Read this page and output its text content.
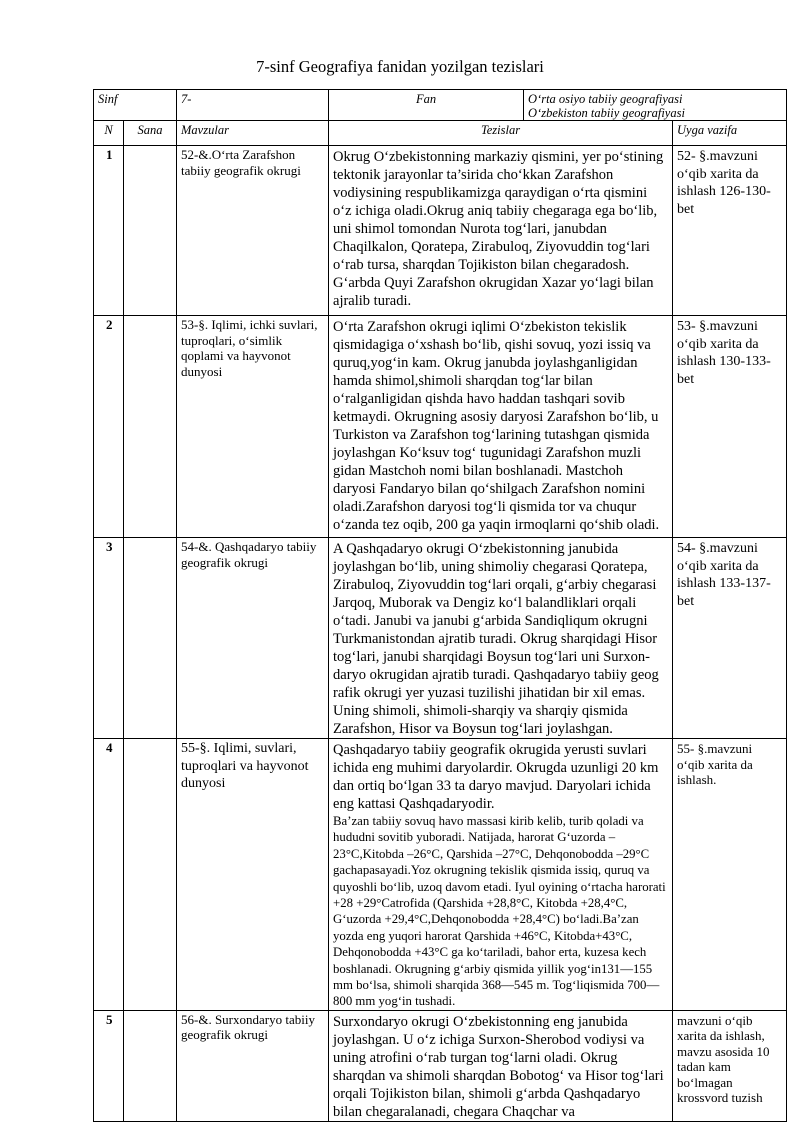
7-sinf Geografiya fanidan yozilgan tezislari
Sinf		7-	Fan	O‘rta osiyo tabiiy geografiyasi
O‘zbekiston tabiiy geografiyasi	
N	Sana	Mavzular	Tezislar		Uyga vazifa
1		52-&.O‘rta Zarafshon tabiiy geografik okrugi	Okrug O‘zbekistonning markaziy qismini, yer po‘stining tektonik jarayonlar ta’sirida cho‘kkan Zarafshon vodiysining respublikamizga qaraydigan o‘rta qismini o‘z ichiga oladi.Okrug aniq tabiiy chegaraga ega bo‘lib, uni shimol tomondan Nurota tog‘lari, janubdan Chaqilkalon, Qoratepa, Zirabuloq, Ziyovuddin tog‘lari o‘rab tursa, sharqdan Tojikiston bilan chegaradosh. G‘arbda Quyi Zarafshon okrugidan Xazar yo‘lagi bilan ajralib turadi.		52- §.mavzuni o‘qib xarita da ishlash 126-130-bet
2		53-§. Iqlimi, ichki suvlari, tuproqlari, o‘simlik qoplami va hayvonot dunyosi	O‘rta Zarafshon okrugi iqlimi O‘zbekiston tekislik qismidagiga o‘xshash bo‘lib, qishi sovuq, yozi issiq va quruq,yog‘in kam. Okrug janubda joylashganligidan hamda shimol,shimoli sharqdan tog‘lar bilan o‘ralganligidan qishda havo haddan tashqari sovib ketmaydi. Okrugning asosiy daryosi Zarafshon bo‘lib, u Turkiston va Zarafshon tog‘larining tutashgan qismida joylashgan Ko‘ksuv tog‘ tugunidagi Zarafshon muzli gidan Mastchoh nomi bilan boshlanadi. Mastchoh daryosi Fandaryo bilan qo‘shilgach Zarafshon nomini oladi.Zarafshon daryosi tog‘li qismida tor va chuqur o‘zanda tez oqib, 200 ga yaqin irmoqlarni qo‘shib oladi.		53- §.mavzuni o‘qib xarita da ishlash 130-133-bet
3		54-&. Qashqadaryo tabiiy geografik okrugi	A Qashqadaryo okrugi O‘zbekistonning janubida joylashgan bo‘lib, uning shimoliy chegarasi Qoratepa, Zirabuloq, Ziyovuddin tog‘lari orqali, g‘arbiy chegarasi Jarqoq, Muborak va Dengiz ko‘l balandliklari orqali o‘tadi. Janubi va janubi g‘arbida Sandiqliqum okrugni Turkmanistondan ajratib turadi. Okrug sharqidagi Hisor tog‘lari, janubi sharqidagi Boysun tog‘lari uni Surxon-daryo okrugidan ajratib turadi. Qashqadaryo tabiiy geog rafik okrugi yer yuzasi tuzilishi jihatidan bir xil emas. Uning shimoli, shimoli-sharqiy va sharqiy qismida Zarafshon, Hisor va Boysun tog‘lari joylashgan.		54- §.mavzuni o‘qib xarita da ishlash 133-137-bet
4		55-§. Iqlimi, suvlari, tuproqlari va hayvonot dunyosi	Qashqadaryo tabiiy geografik okrugida yerusti suvlari ichida eng muhimi daryolardir. Okrugda uzunligi 20 km dan ortiq bo‘lgan 33 ta daryo mavjud. Daryolari ichida eng kattasi Qashqadaryodir.
Ba’zan tabiiy sovuq havo massasi kirib kelib, turib qoladi va hududni sovitib yuboradi. Natijada, harorat G‘uzorda –23°C,Kitobda –26°C, Qarshida –27°C, Dehqonobodda –29°C gachapasayadi.Yoz okrugning tekislik qismida issiq, quruq va quyoshli bo‘lib, uzoq davom etadi. Iyul oyining o‘rtacha harorati +28 +29°Catrofida (Qarshida +28,8°C, Kitobda +28,4°C, G‘uzorda +29,4°C,Dehqonobodda +28,4°C) bo‘ladi.Ba’zan yozda eng yuqori harorat Qarshida +46°C, Kitobda+43°C, Dehqonobodda +43°C ga ko‘tariladi, bahor erta, kuzesa kech boshlanadi. Okrugning g‘arbiy qismida yillik yog‘in131—155 mm bo‘lsa, shimoli sharqida 368—545 m. Tog‘liqismida 700—800 mm yog‘in tushadi.		55- §.mavzuni o‘qib xarita da ishlash.
5		56-&. Surxondaryo tabiiy geografik okrugi	Surxondaryo okrugi O‘zbekistonning eng janubida joylashgan. U o‘z ichiga Surxon-Sherobod vodiysi va uning atrofini o‘rab turgan tog‘larni oladi. Okrug sharqdan va shimoli sharqdan Bobotog‘ va Hisor tog‘lari orqali Tojikiston bilan, shimoli g‘arbda Qashqadaryo bilan chegaralanadi, chegara Chaqchar va		mavzuni o‘qib xarita da ishlash, mavzu asosida 10 tadan kam bo‘lmagan krossvord tuzish
